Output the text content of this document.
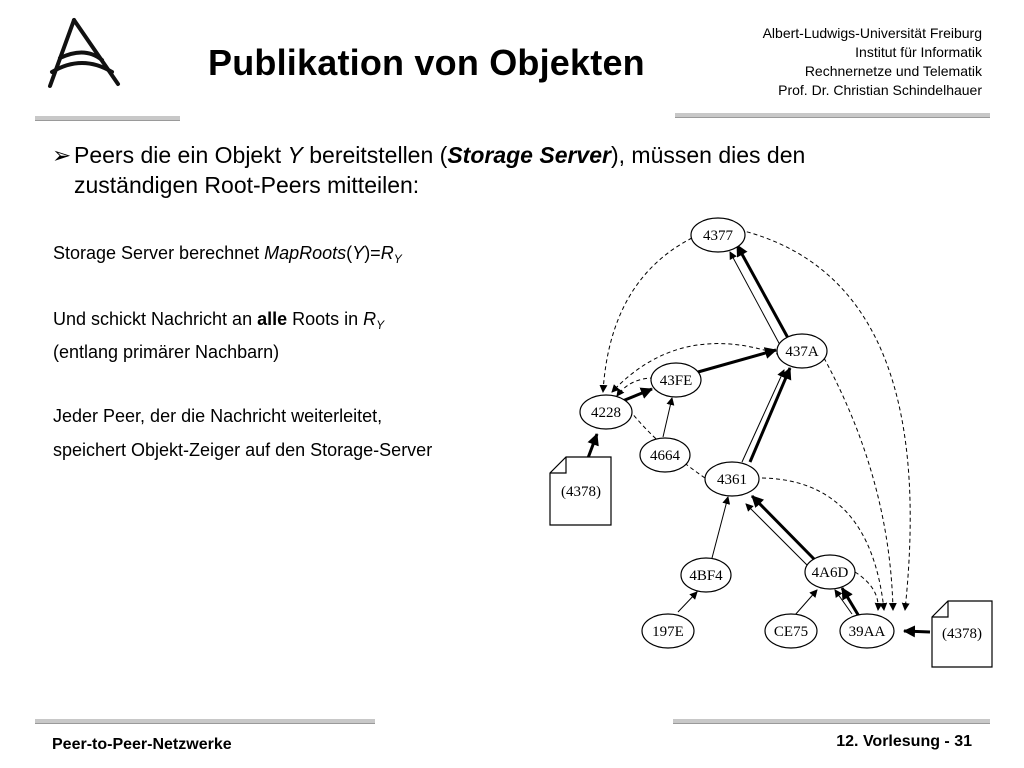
Publikation von Objekten
Albert-Ludwigs-Universität Freiburg
Institut für Informatik
Rechnernetze und Telematik
Prof. Dr. Christian Schindelhauer
➢ Peers die ein Objekt Y bereitstellen (Storage Server), müssen dies den zuständigen Root-Peers mitteilen:
Storage Server berechnet $MapRoots(Y)=R_Y$
Und schickt Nachricht an alle Roots in $R_Y$
(entlang primärer Nachbarn)
Jeder Peer, der die Nachricht weiterleitet,
speichert Objekt-Zeiger auf den Storage-Server
4377
437A
43FE
4228
4664
4361
4BF4	4A6D
197E	CE75	39AA
(4378)
(4378)
Peer-to-Peer-Netzwerke	12. Vorlesung - 31
